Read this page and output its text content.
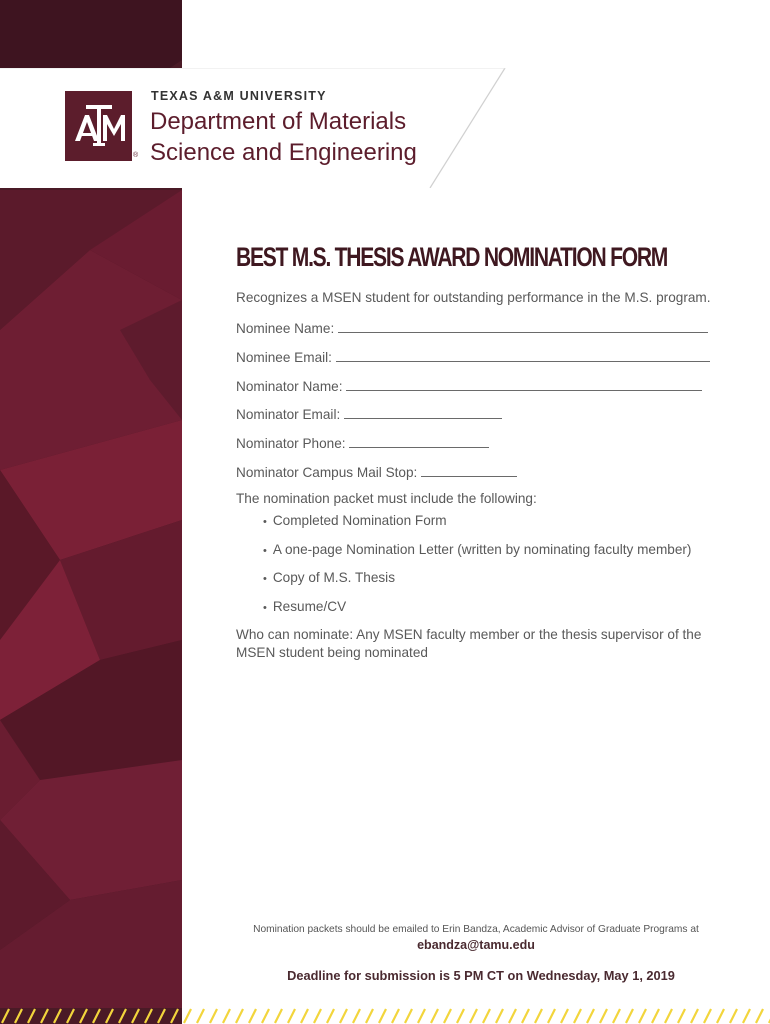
®
TEXAS A&M UNIVERSITY
Department of Materials
Science and Engineering
BEST M.S. THESIS AWARD NOMINATION FORM
Recognizes a MSEN student for outstanding performance in the M.S. program.
Nominee Name:
Nominee Email:
Nominator Name:
Nominator Email:
Nominator Phone:
Nominator Campus Mail Stop:
The nomination packet must include the following:
• Completed Nomination Form
• A one-page Nomination Letter (written by nominating faculty member)
• Copy of M.S. Thesis
• Resume/CV
Who can nominate: Any MSEN faculty member or the thesis supervisor of the MSEN student being nominated
Nomination packets should be emailed to Erin Bandza, Academic Advisor of Graduate Programs at
ebandza@tamu.edu
Deadline for submission is 5 PM CT on Wednesday, May 1, 2019
